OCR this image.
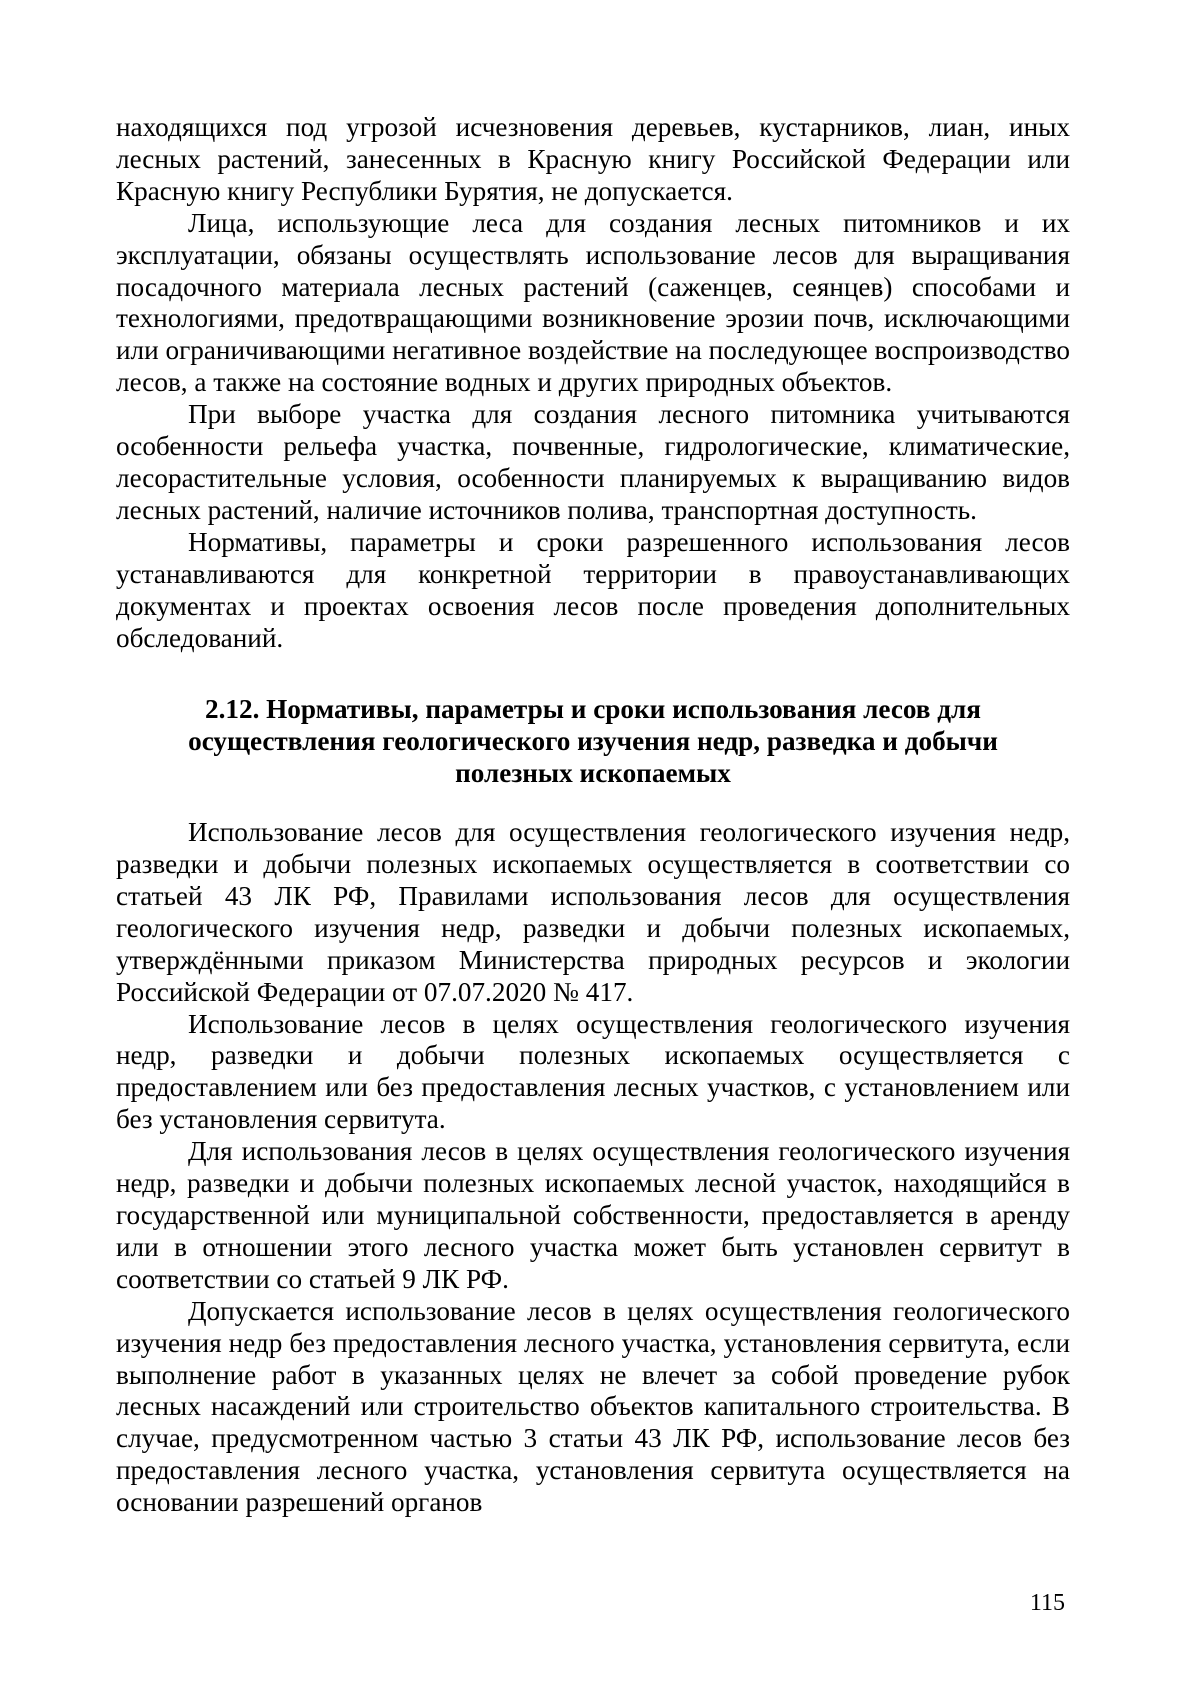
находящихся под угрозой исчезновения деревьев, кустарников, лиан, иных лесных растений, занесенных в Красную книгу Российской Федерации или Красную книгу Республики Бурятия, не допускается.

Лица, использующие леса для создания лесных питомников и их эксплуатации, обязаны осуществлять использование лесов для выращивания посадочного материала лесных растений (саженцев, сеянцев) способами и технологиями, предотвращающими возникновение эрозии почв, исключающими или ограничивающими негативное воздействие на последующее воспроизводство лесов, а также на состояние водных и других природных объектов.

При выборе участка для создания лесного питомника учитываются особенности рельефа участка, почвенные, гидрологические, климатические, лесорастительные условия, особенности планируемых к выращиванию видов лесных растений, наличие источников полива, транспортная доступность.

Нормативы, параметры и сроки разрешенного использования лесов устанавливаются для конкретной территории в правоустанавливающих документах и проектах освоения лесов после проведения дополнительных обследований.

2.12. Нормативы, параметры и сроки использования лесов для осуществления геологического изучения недр, разведка и добычи полезных ископаемых

Использование лесов для осуществления геологического изучения недр, разведки и добычи полезных ископаемых осуществляется в соответствии со статьей 43 ЛК РФ, Правилами использования лесов для осуществления геологического изучения недр, разведки и добычи полезных ископаемых, утверждёнными приказом Министерства природных ресурсов и экологии Российской Федерации от 07.07.2020 № 417.

Использование лесов в целях осуществления геологического изучения недр, разведки и добычи полезных ископаемых осуществляется с предоставлением или без предоставления лесных участков, с установлением или без установления сервитута.

Для использования лесов в целях осуществления геологического изучения недр, разведки и добычи полезных ископаемых лесной участок, находящийся в государственной или муниципальной собственности, предоставляется в аренду или в отношении этого лесного участка может быть установлен сервитут в соответствии со статьей 9 ЛК РФ.

Допускается использование лесов в целях осуществления геологического изучения недр без предоставления лесного участка, установления сервитута, если выполнение работ в указанных целях не влечет за собой проведение рубок лесных насаждений или строительство объектов капитального строительства. В случае, предусмотренном частью 3 статьи 43 ЛК РФ, использование лесов без предоставления лесного участка, установления сервитута осуществляется на основании разрешений органов

115
